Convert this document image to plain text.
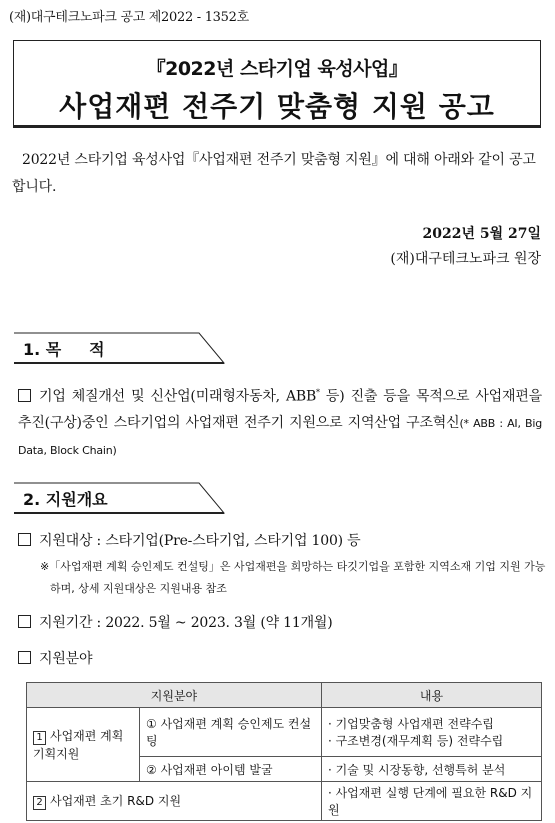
(재)대구테크노파크 공고 제2022 - 1352호
『2022년 스타기업 육성사업』
사업재편 전주기 맞춤형 지원 공고
2022년 스타기업 육성사업『사업재편 전주기 맞춤형 지원』에 대해 아래와 같이 공고합니다.
2022년 5월 27일
(재)대구테크노파크 원장
1. 목     적
기업 체질개선 및 신산업(미래형자동차, ABB* 등) 진출 등을 목적으로 사업재편을 추진(구상)중인 스타기업의 사업재편 전주기 지원으로 지역산업 구조혁신(* ABB : AI, Big Data, Block Chain)
2. 지원개요
지원대상 : 스타기업(Pre-스타기업, 스타기업 100) 등
※「사업재편 계획 승인제도 컨설팅」은 사업재편을 희망하는 타깃기업을 포함한 지역소재 기업 지원 가능하며, 상세 지원대상은 지원내용 참조
지원기간 : 2022. 5월 ~ 2023. 3월 (약 11개월)
지원분야
지원분야		내용
1 사업재편 계획 기획지원	① 사업재편 계획 승인제도 컨설팅	· 기업맞춤형 사업재편 전략수립
· 구조변경(재무계획 등) 전략수립

	② 사업재편 아이템 발굴	· 기술 및 시장동향, 선행특허 분석
2 사업재편 초기 R&D 지원		· 사업재편 실행 단계에 필요한 R&D 지원
